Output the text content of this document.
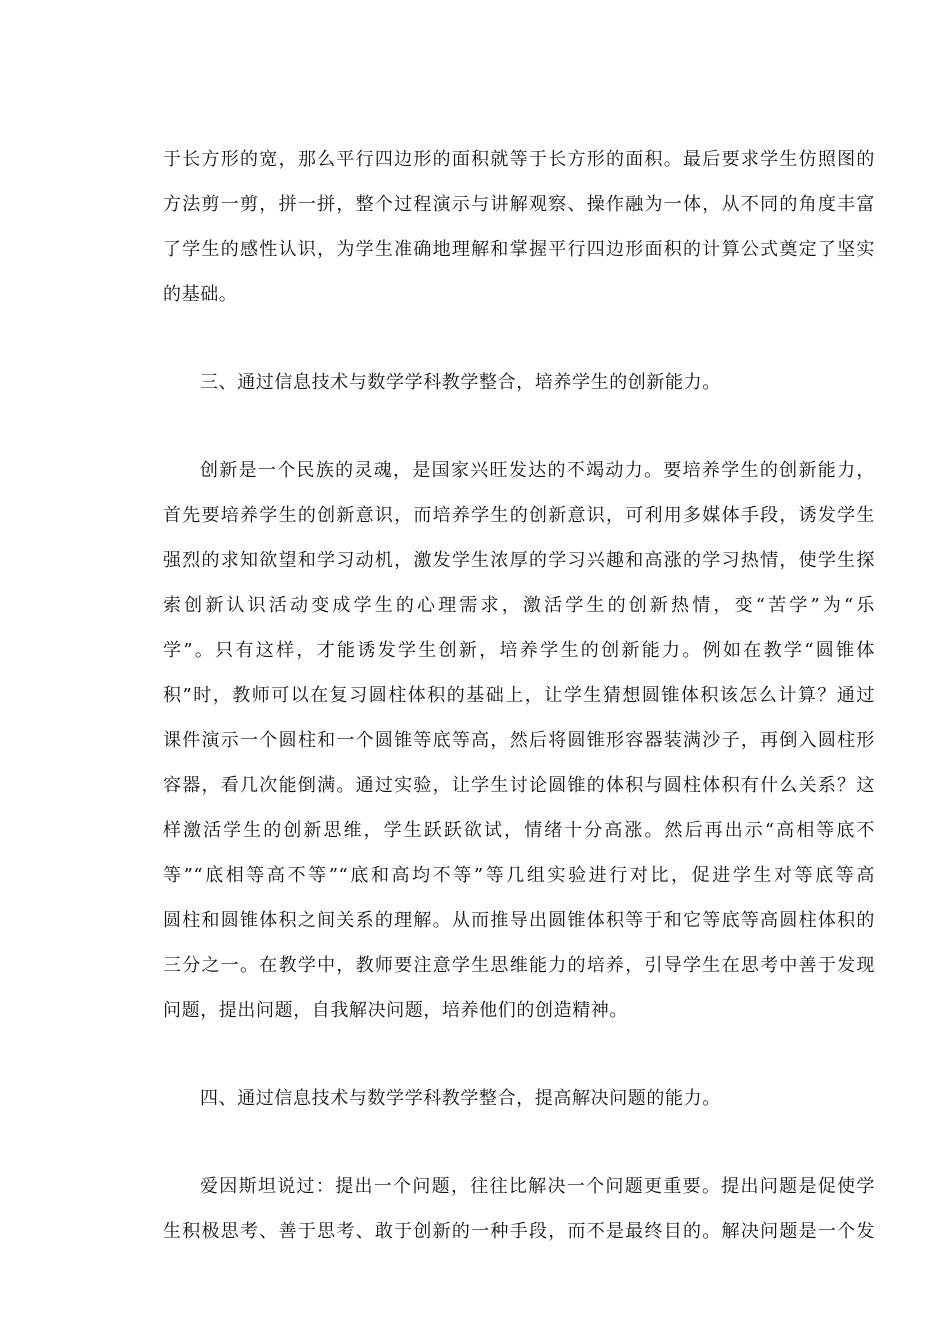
于长方形的宽，那么平行四边形的面积就等于长方形的面积。最后要求学生仿照图的
方法剪一剪，拼一拼，整个过程演示与讲解观察、操作融为一体，从不同的角度丰富
了学生的感性认识，为学生准确地理解和掌握平行四边形面积的计算公式奠定了坚实
的基础。
三、通过信息技术与数学学科教学整合，培养学生的创新能力。
创新是一个民族的灵魂，是国家兴旺发达的不竭动力。要培养学生的创新能力，
首先要培养学生的创新意识，而培养学生的创新意识，可利用多媒体手段，诱发学生
强烈的求知欲望和学习动机，激发学生浓厚的学习兴趣和高涨的学习热情，使学生探
索创新认识活动变成学生的心理需求，激活学生的创新热情，变“苦学”为“乐
学”。只有这样，才能诱发学生创新，培养学生的创新能力。例如在教学“圆锥体
积”时，教师可以在复习圆柱体积的基础上，让学生猜想圆锥体积该怎么计算？通过
课件演示一个圆柱和一个圆锥等底等高，然后将圆锥形容器装满沙子，再倒入圆柱形
容器，看几次能倒满。通过实验，让学生讨论圆锥的体积与圆柱体积有什么关系？这
样激活学生的创新思维，学生跃跃欲试，情绪十分高涨。然后再出示“高相等底不
等”“底相等高不等”“底和高均不等”等几组实验进行对比，促进学生对等底等高
圆柱和圆锥体积之间关系的理解。从而推导出圆锥体积等于和它等底等高圆柱体积的
三分之一。在教学中，教师要注意学生思维能力的培养，引导学生在思考中善于发现
问题，提出问题，自我解决问题，培养他们的创造精神。
四、通过信息技术与数学学科教学整合，提高解决问题的能力。
爱因斯坦说过：提出一个问题，往往比解决一个问题更重要。提出问题是促使学
生积极思考、善于思考、敢于创新的一种手段，而不是最终目的。解决问题是一个发
